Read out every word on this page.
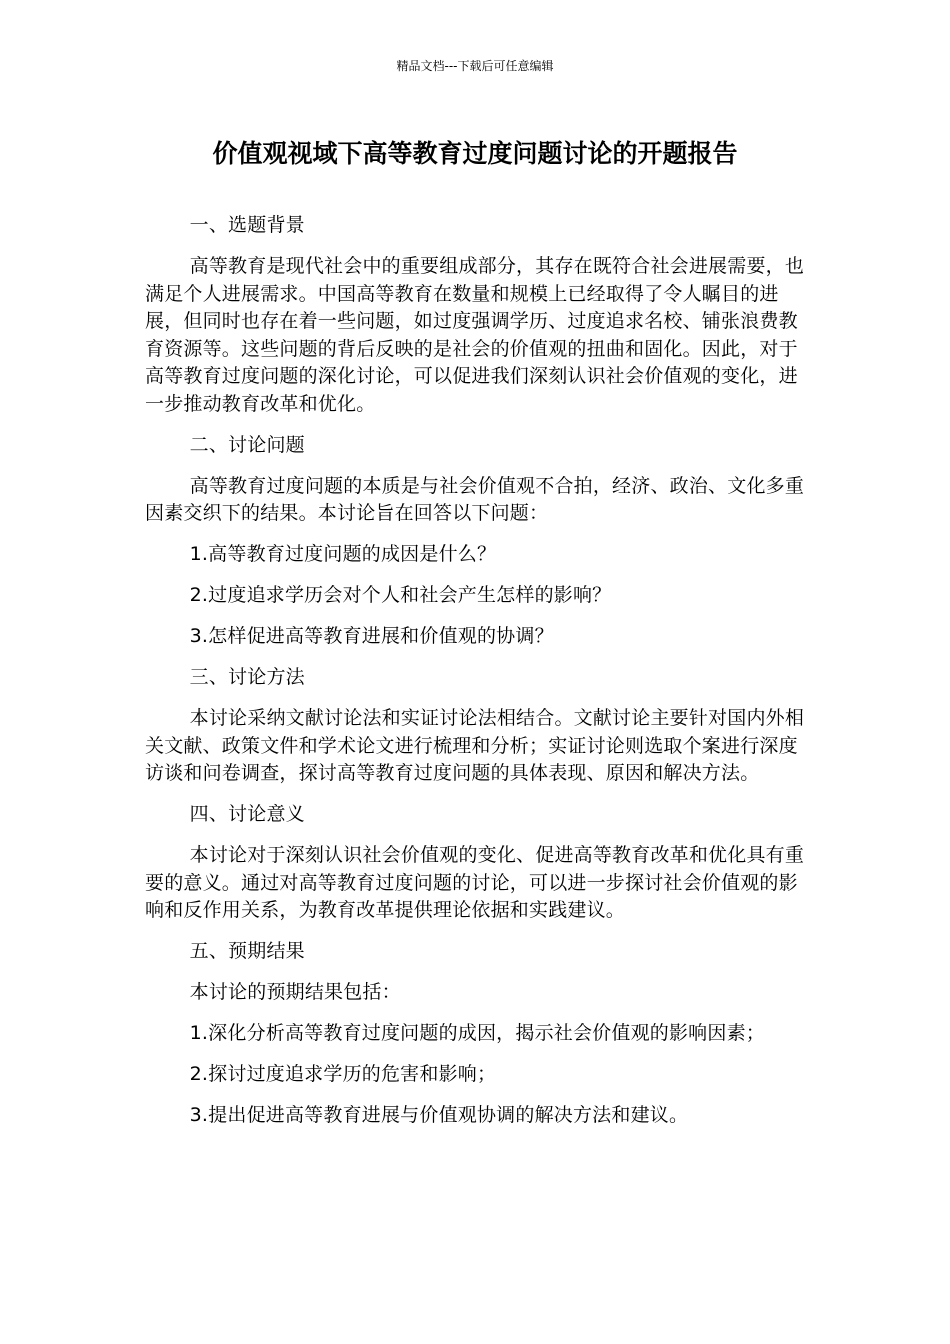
精品文档---下载后可任意编辑
价值观视域下高等教育过度问题讨论的开题报告

一、选题背景

高等教育是现代社会中的重要组成部分，其存在既符合社会进展需要，也满足个人进展需求。中国高等教育在数量和规模上已经取得了令人瞩目的进展，但同时也存在着一些问题，如过度强调学历、过度追求名校、铺张浪费教育资源等。这些问题的背后反映的是社会的价值观的扭曲和固化。因此，对于高等教育过度问题的深化讨论，可以促进我们深刻认识社会价值观的变化，进一步推动教育改革和优化。

二、讨论问题

高等教育过度问题的本质是与社会价值观不合拍，经济、政治、文化多重因素交织下的结果。本讨论旨在回答以下问题：

1.高等教育过度问题的成因是什么？

2.过度追求学历会对个人和社会产生怎样的影响？

3.怎样促进高等教育进展和价值观的协调？

三、讨论方法

本讨论采纳文献讨论法和实证讨论法相结合。文献讨论主要针对国内外相关文献、政策文件和学术论文进行梳理和分析；实证讨论则选取个案进行深度访谈和问卷调查，探讨高等教育过度问题的具体表现、原因和解决方法。

四、讨论意义

本讨论对于深刻认识社会价值观的变化、促进高等教育改革和优化具有重要的意义。通过对高等教育过度问题的讨论，可以进一步探讨社会价值观的影响和反作用关系，为教育改革提供理论依据和实践建议。

五、预期结果

本讨论的预期结果包括：

1.深化分析高等教育过度问题的成因，揭示社会价值观的影响因素；

2.探讨过度追求学历的危害和影响；

3.提出促进高等教育进展与价值观协调的解决方法和建议。
